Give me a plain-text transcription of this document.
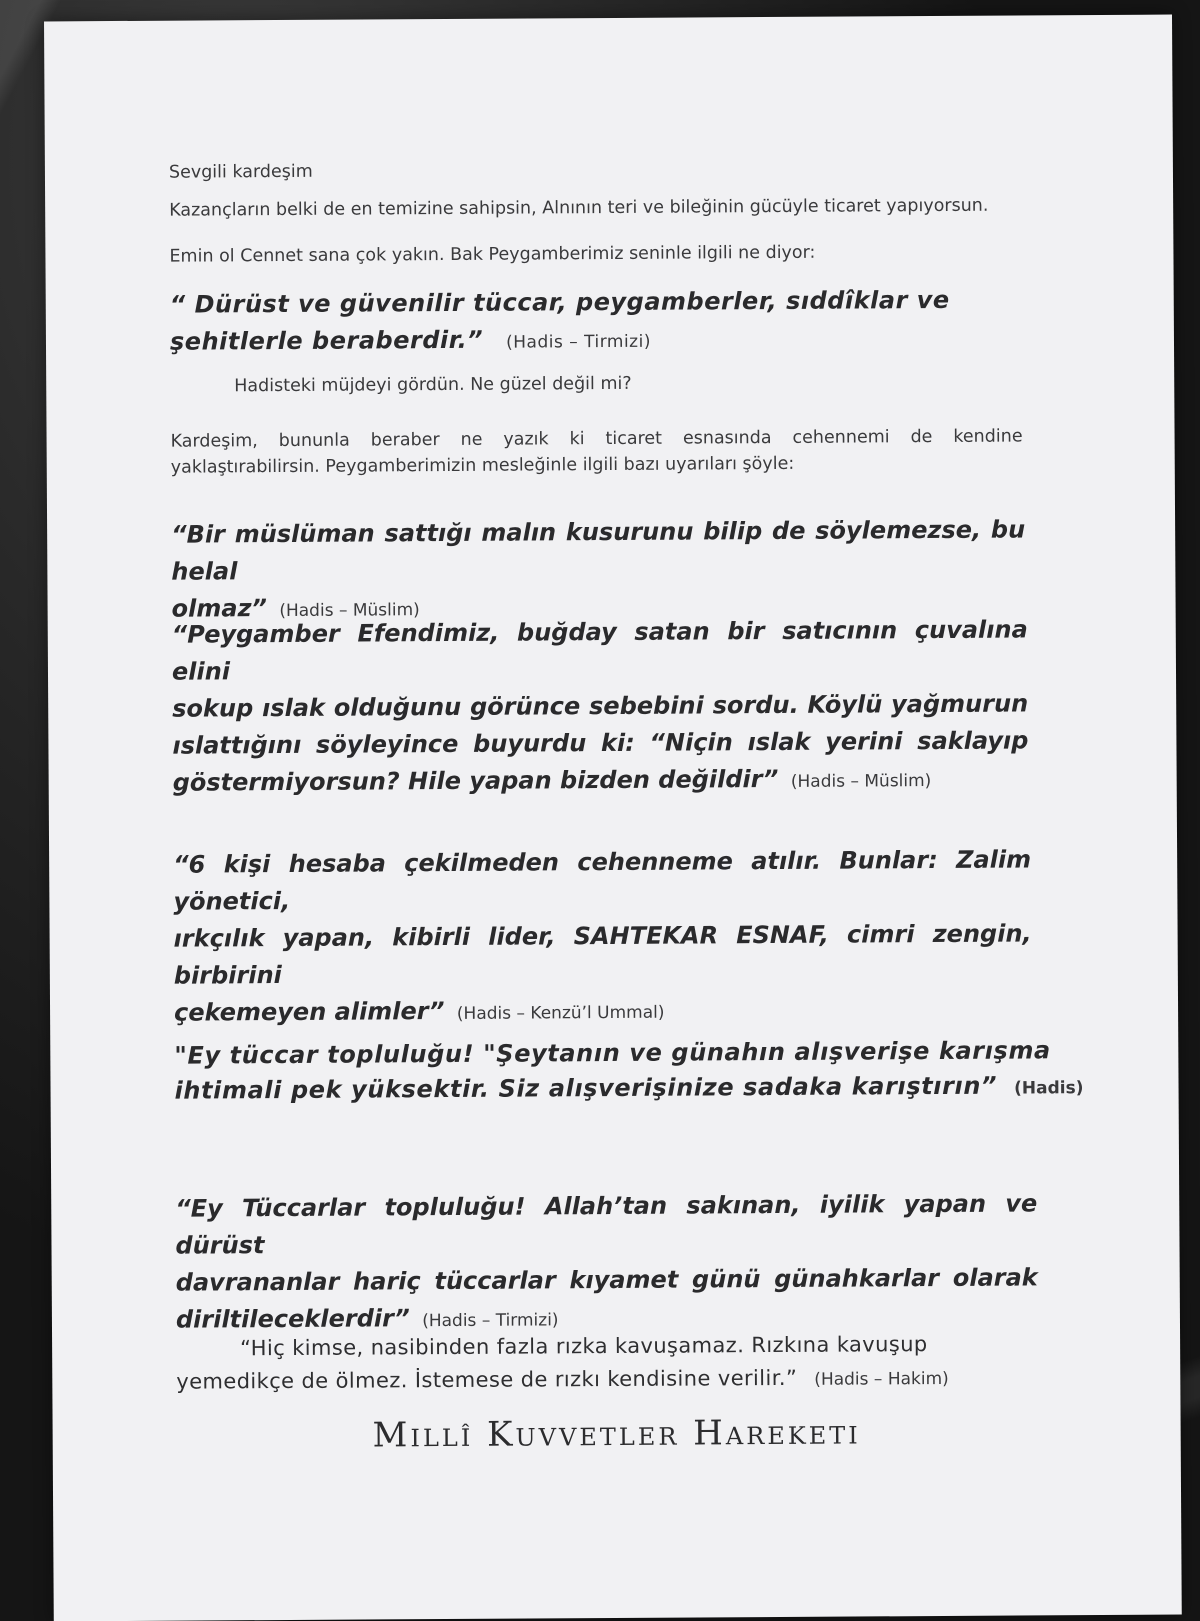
Sevgili kardeşim

Kazançların belki de en temizine sahipsin, Alnının teri ve bileğinin gücüyle ticaret yapıyorsun.

Emin ol Cennet sana çok yakın. Bak Peygamberimiz seninle ilgili ne diyor:

“ Dürüst ve güvenilir tüccar, peygamberler, sıddîklar ve
şehitlerle beraberdir.” (Hadis – Tirmizi)

Hadisteki müjdeyi gördün. Ne güzel değil mi?

Kardeşim, bununla beraber ne yazık ki ticaret esnasında cehennemi de kendine
yaklaştırabilirsin. Peygamberimizin mesleğinle ilgili bazı uyarıları şöyle:
“Bir müslüman sattığı malın kusurunu bilip de söylemezse, bu helal
olmaz” (Hadis – Müslim)
“Peygamber Efendimiz, buğday satan bir satıcının çuvalına elini
sokup ıslak olduğunu görünce sebebini sordu. Köylü yağmurun
ıslattığını söyleyince buyurdu ki: “Niçin ıslak yerini saklayıp
göstermiyorsun? Hile yapan bizden değildir” (Hadis – Müslim)
“6 kişi hesaba çekilmeden cehenneme atılır. Bunlar: Zalim yönetici,
ırkçılık yapan, kibirli lider, SAHTEKAR ESNAF, cimri zengin, birbirini
çekemeyen alimler” (Hadis – Kenzü’l Ummal)
"Ey tüccar topluluğu! "Şeytanın ve günahın alışverişe karışma
ihtimali pek yüksektir. Siz alışverişinize sadaka karıştırın” (Hadis)
“Ey Tüccarlar topluluğu! Allah’tan sakınan, iyilik yapan ve dürüst
davrananlar hariç tüccarlar kıyamet günü günahkarlar olarak
diriltileceklerdir” (Hadis – Tirmizi)
“Hiç kimse, nasibinden fazla rızka kavuşamaz. Rızkına kavuşup
yemedikçe de ölmez. İstemese de rızkı kendisine verilir.” (Hadis – Hakim)
Millî Kuvvetler Hareketi
